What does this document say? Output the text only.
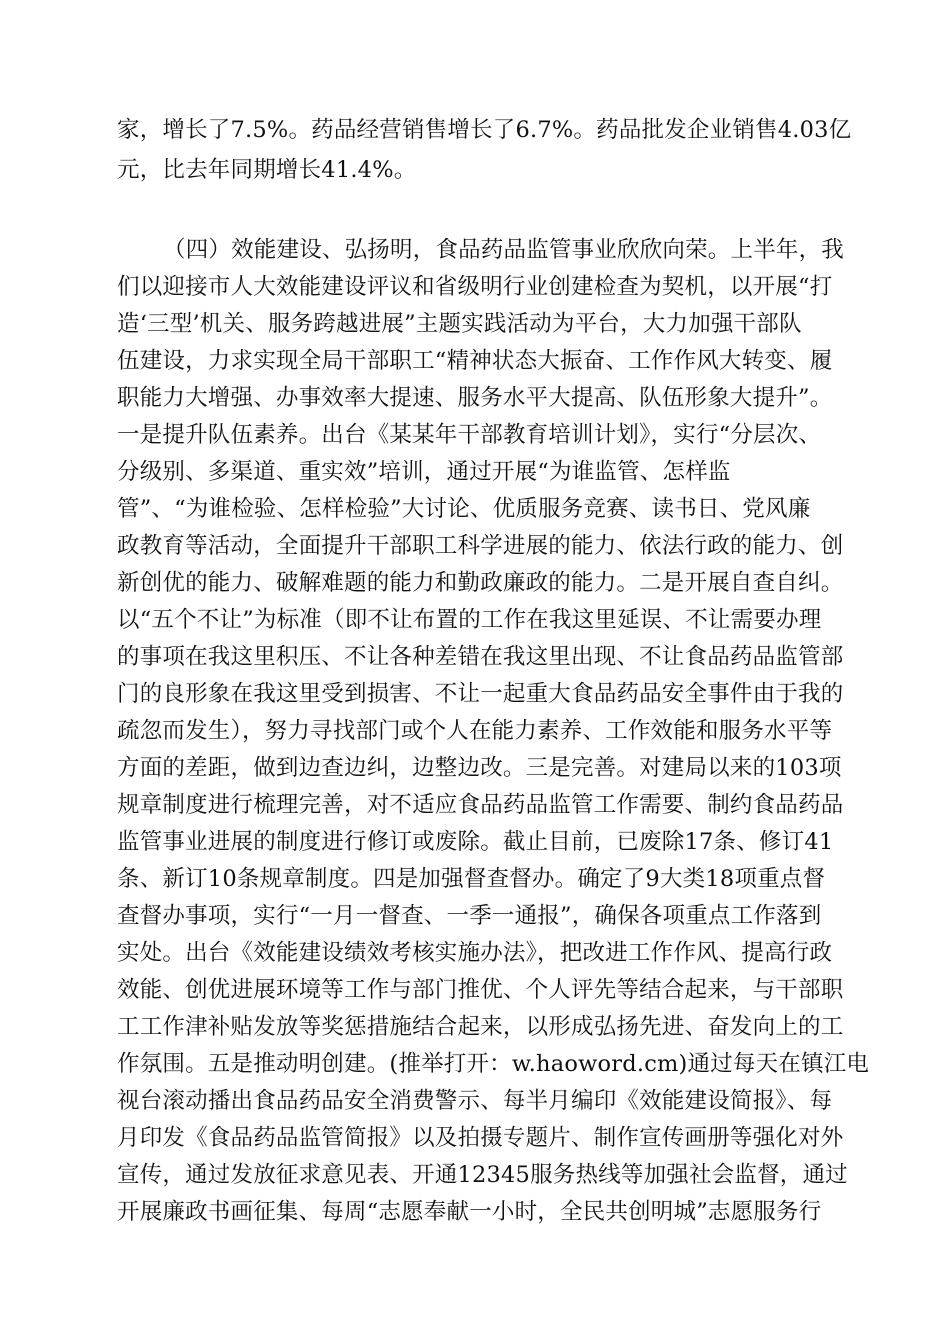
家，增长了7.5%。药品经营销售增长了6.7%。药品批发企业销售4.03亿
元，比去年同期增长41.4%。
（四）效能建设、弘扬明，食品药品监管事业欣欣向荣。上半年，我
们以迎接市人大效能建设评议和省级明行业创建检查为契机，以开展“打
造‘三型’机关、服务跨越进展”主题实践活动为平台，大力加强干部队
伍建设，力求实现全局干部职工“精神状态大振奋、工作作风大转变、履
职能力大增强、办事效率大提速、服务水平大提高、队伍形象大提升”。
一是提升队伍素养。出台《某某年干部教育培训计划》，实行“分层次、
分级别、多渠道、重实效”培训，通过开展“为谁监管、怎样监
管”、“为谁检验、怎样检验”大讨论、优质服务竞赛、读书日、党风廉
政教育等活动，全面提升干部职工科学进展的能力、依法行政的能力、创
新创优的能力、破解难题的能力和勤政廉政的能力。二是开展自查自纠。
以“五个不让”为标准（即不让布置的工作在我这里延误、不让需要办理
的事项在我这里积压、不让各种差错在我这里出现、不让食品药品监管部
门的良形象在我这里受到损害、不让一起重大食品药品安全事件由于我的
疏忽而发生），努力寻找部门或个人在能力素养、工作效能和服务水平等
方面的差距，做到边查边纠，边整边改。三是完善。对建局以来的103项
规章制度进行梳理完善，对不适应食品药品监管工作需要、制约食品药品
监管事业进展的制度进行修订或废除。截止目前，已废除17条、修订41
条、新订10条规章制度。四是加强督查督办。确定了9大类18项重点督
查督办事项，实行“一月一督查、一季一通报”，确保各项重点工作落到
实处。出台《效能建设绩效考核实施办法》，把改进工作作风、提高行政
效能、创优进展环境等工作与部门推优、个人评先等结合起来，与干部职
工工作津补贴发放等奖惩措施结合起来，以形成弘扬先进、奋发向上的工
作氛围。五是推动明创建。(推举打开：w.haoword.cm)通过每天在镇江电
视台滚动播出食品药品安全消费警示、每半月编印《效能建设简报》、每
月印发《食品药品监管简报》以及拍摄专题片、制作宣传画册等强化对外
宣传，通过发放征求意见表、开通12345服务热线等加强社会监督，通过
开展廉政书画征集、每周“志愿奉献一小时，全民共创明城”志愿服务行
